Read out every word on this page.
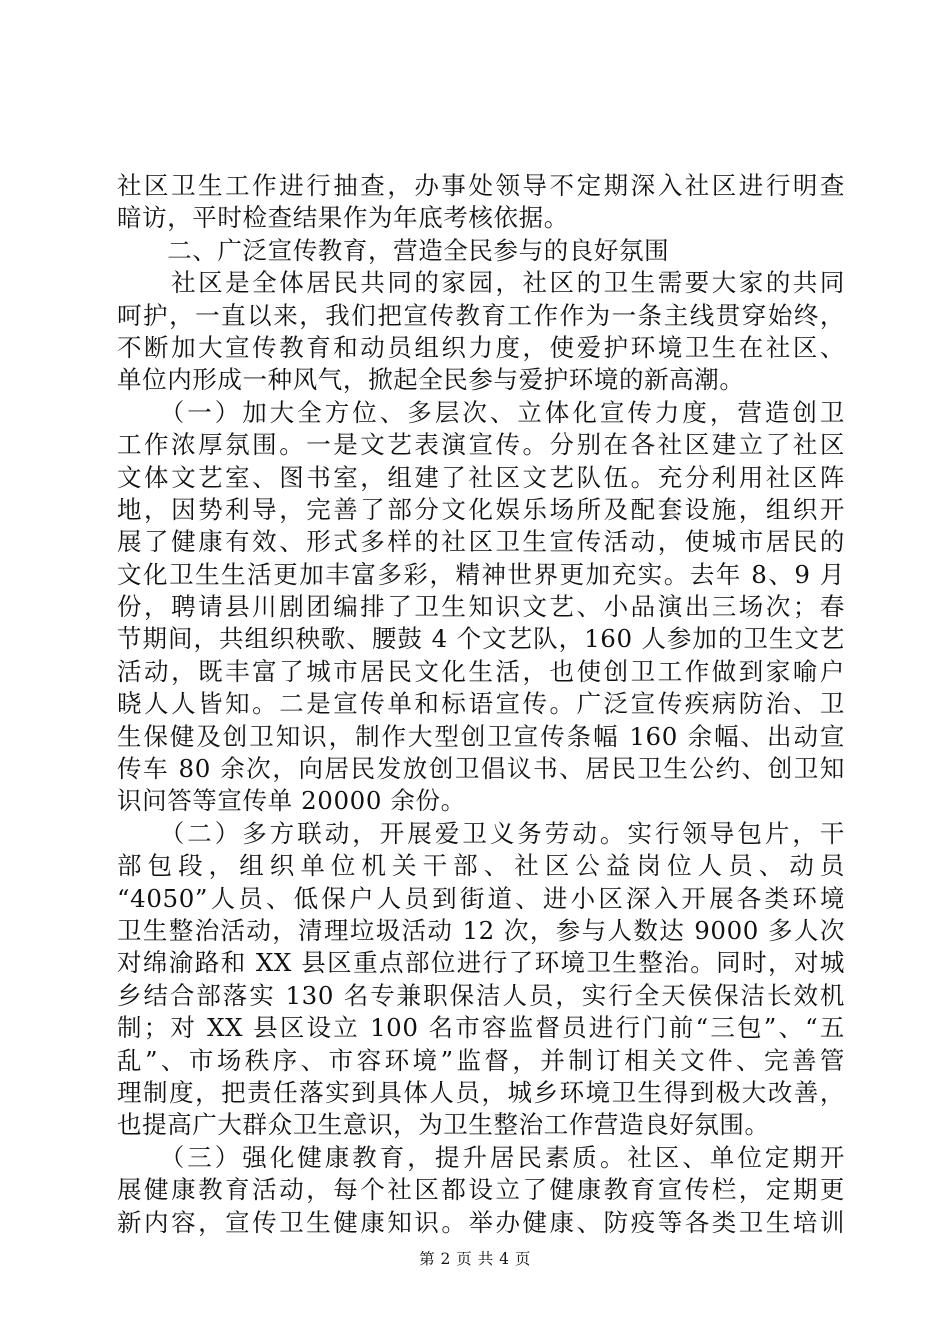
社区卫生工作进行抽查，办事处领导不定期深入社区进行明查
暗访，平时检查结果作为年底考核依据。
　　二、广泛宣传教育，营造全民参与的良好氛围
　　社区是全体居民共同的家园，社区的卫生需要大家的共同
呵护，一直以来，我们把宣传教育工作作为一条主线贯穿始终，
不断加大宣传教育和动员组织力度，使爱护环境卫生在社区、
单位内形成一种风气，掀起全民参与爱护环境的新高潮。
　　（一）加大全方位、多层次、立体化宣传力度，营造创卫
工作浓厚氛围。一是文艺表演宣传。分别在各社区建立了社区
文体文艺室、图书室，组建了社区文艺队伍。充分利用社区阵
地，因势利导，完善了部分文化娱乐场所及配套设施，组织开
展了健康有效、形式多样的社区卫生宣传活动，使城市居民的
文化卫生生活更加丰富多彩，精神世界更加充实。去年 8、9 月
份，聘请县川剧团编排了卫生知识文艺、小品演出三场次；春
节期间，共组织秧歌、腰鼓 4 个文艺队，160 人参加的卫生文艺
活动，既丰富了城市居民文化生活，也使创卫工作做到家喻户
晓人人皆知。二是宣传单和标语宣传。广泛宣传疾病防治、卫
生保健及创卫知识，制作大型创卫宣传条幅 160 余幅、出动宣
传车 80 余次，向居民发放创卫倡议书、居民卫生公约、创卫知
识问答等宣传单 20000 余份。
　　（二）多方联动，开展爱卫义务劳动。实行领导包片，干
部包段，组织单位机关干部、社区公益岗位人员、动员
“4050”人员、低保户人员到街道、进小区深入开展各类环境
卫生整治活动，清理垃圾活动 12 次，参与人数达 9000 多人次
对绵渝路和 XX 县区重点部位进行了环境卫生整治。同时，对城
乡结合部落实 130 名专兼职保洁人员，实行全天侯保洁长效机
制；对 XX 县区设立 100 名市容监督员进行门前“三包”、“五
乱”、市场秩序、市容环境”监督，并制订相关文件、完善管
理制度，把责任落实到具体人员，城乡环境卫生得到极大改善，
也提高广大群众卫生意识，为卫生整治工作营造良好氛围。
　　（三）强化健康教育，提升居民素质。社区、单位定期开
展健康教育活动，每个社区都设立了健康教育宣传栏，定期更
新内容，宣传卫生健康知识。举办健康、防疫等各类卫生培训
第 2 页 共 4 页
